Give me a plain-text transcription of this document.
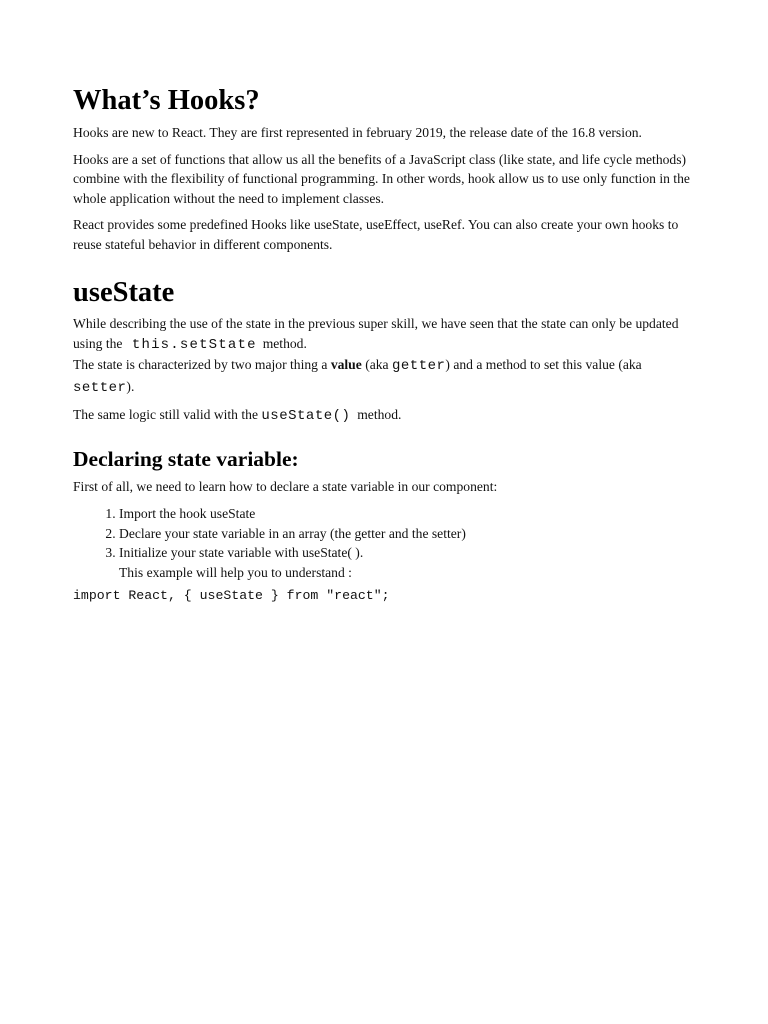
What’s Hooks?

Hooks are new to React. They are first represented in february 2019, the release date of the 16.8 version.

Hooks are a set of functions that allow us all the benefits of a JavaScript class (like state, and life cycle methods) combine with the flexibility of functional programming. In other words, hook allow us to use only function in the whole application without the need to implement classes.

React provides some predefined Hooks like useState, useEffect, useRef. You can also create your own hooks to reuse stateful behavior in different components.

useState

While describing the use of the state in the previous super skill, we have seen that the state can only be updated using the this.setState method.

The state is characterized by two major thing a value (aka getter) and a method to set this value (aka setter).

The same logic still valid with the useState() method.

Declaring state variable:

First of all, we need to learn how to declare a state variable in our component:

1. Import the hook useState
2. Declare your state variable in an array (the getter and the setter)
3. Initialize your state variable with useState( ).
This example will help you to understand :
import React, { useState } from "react";
